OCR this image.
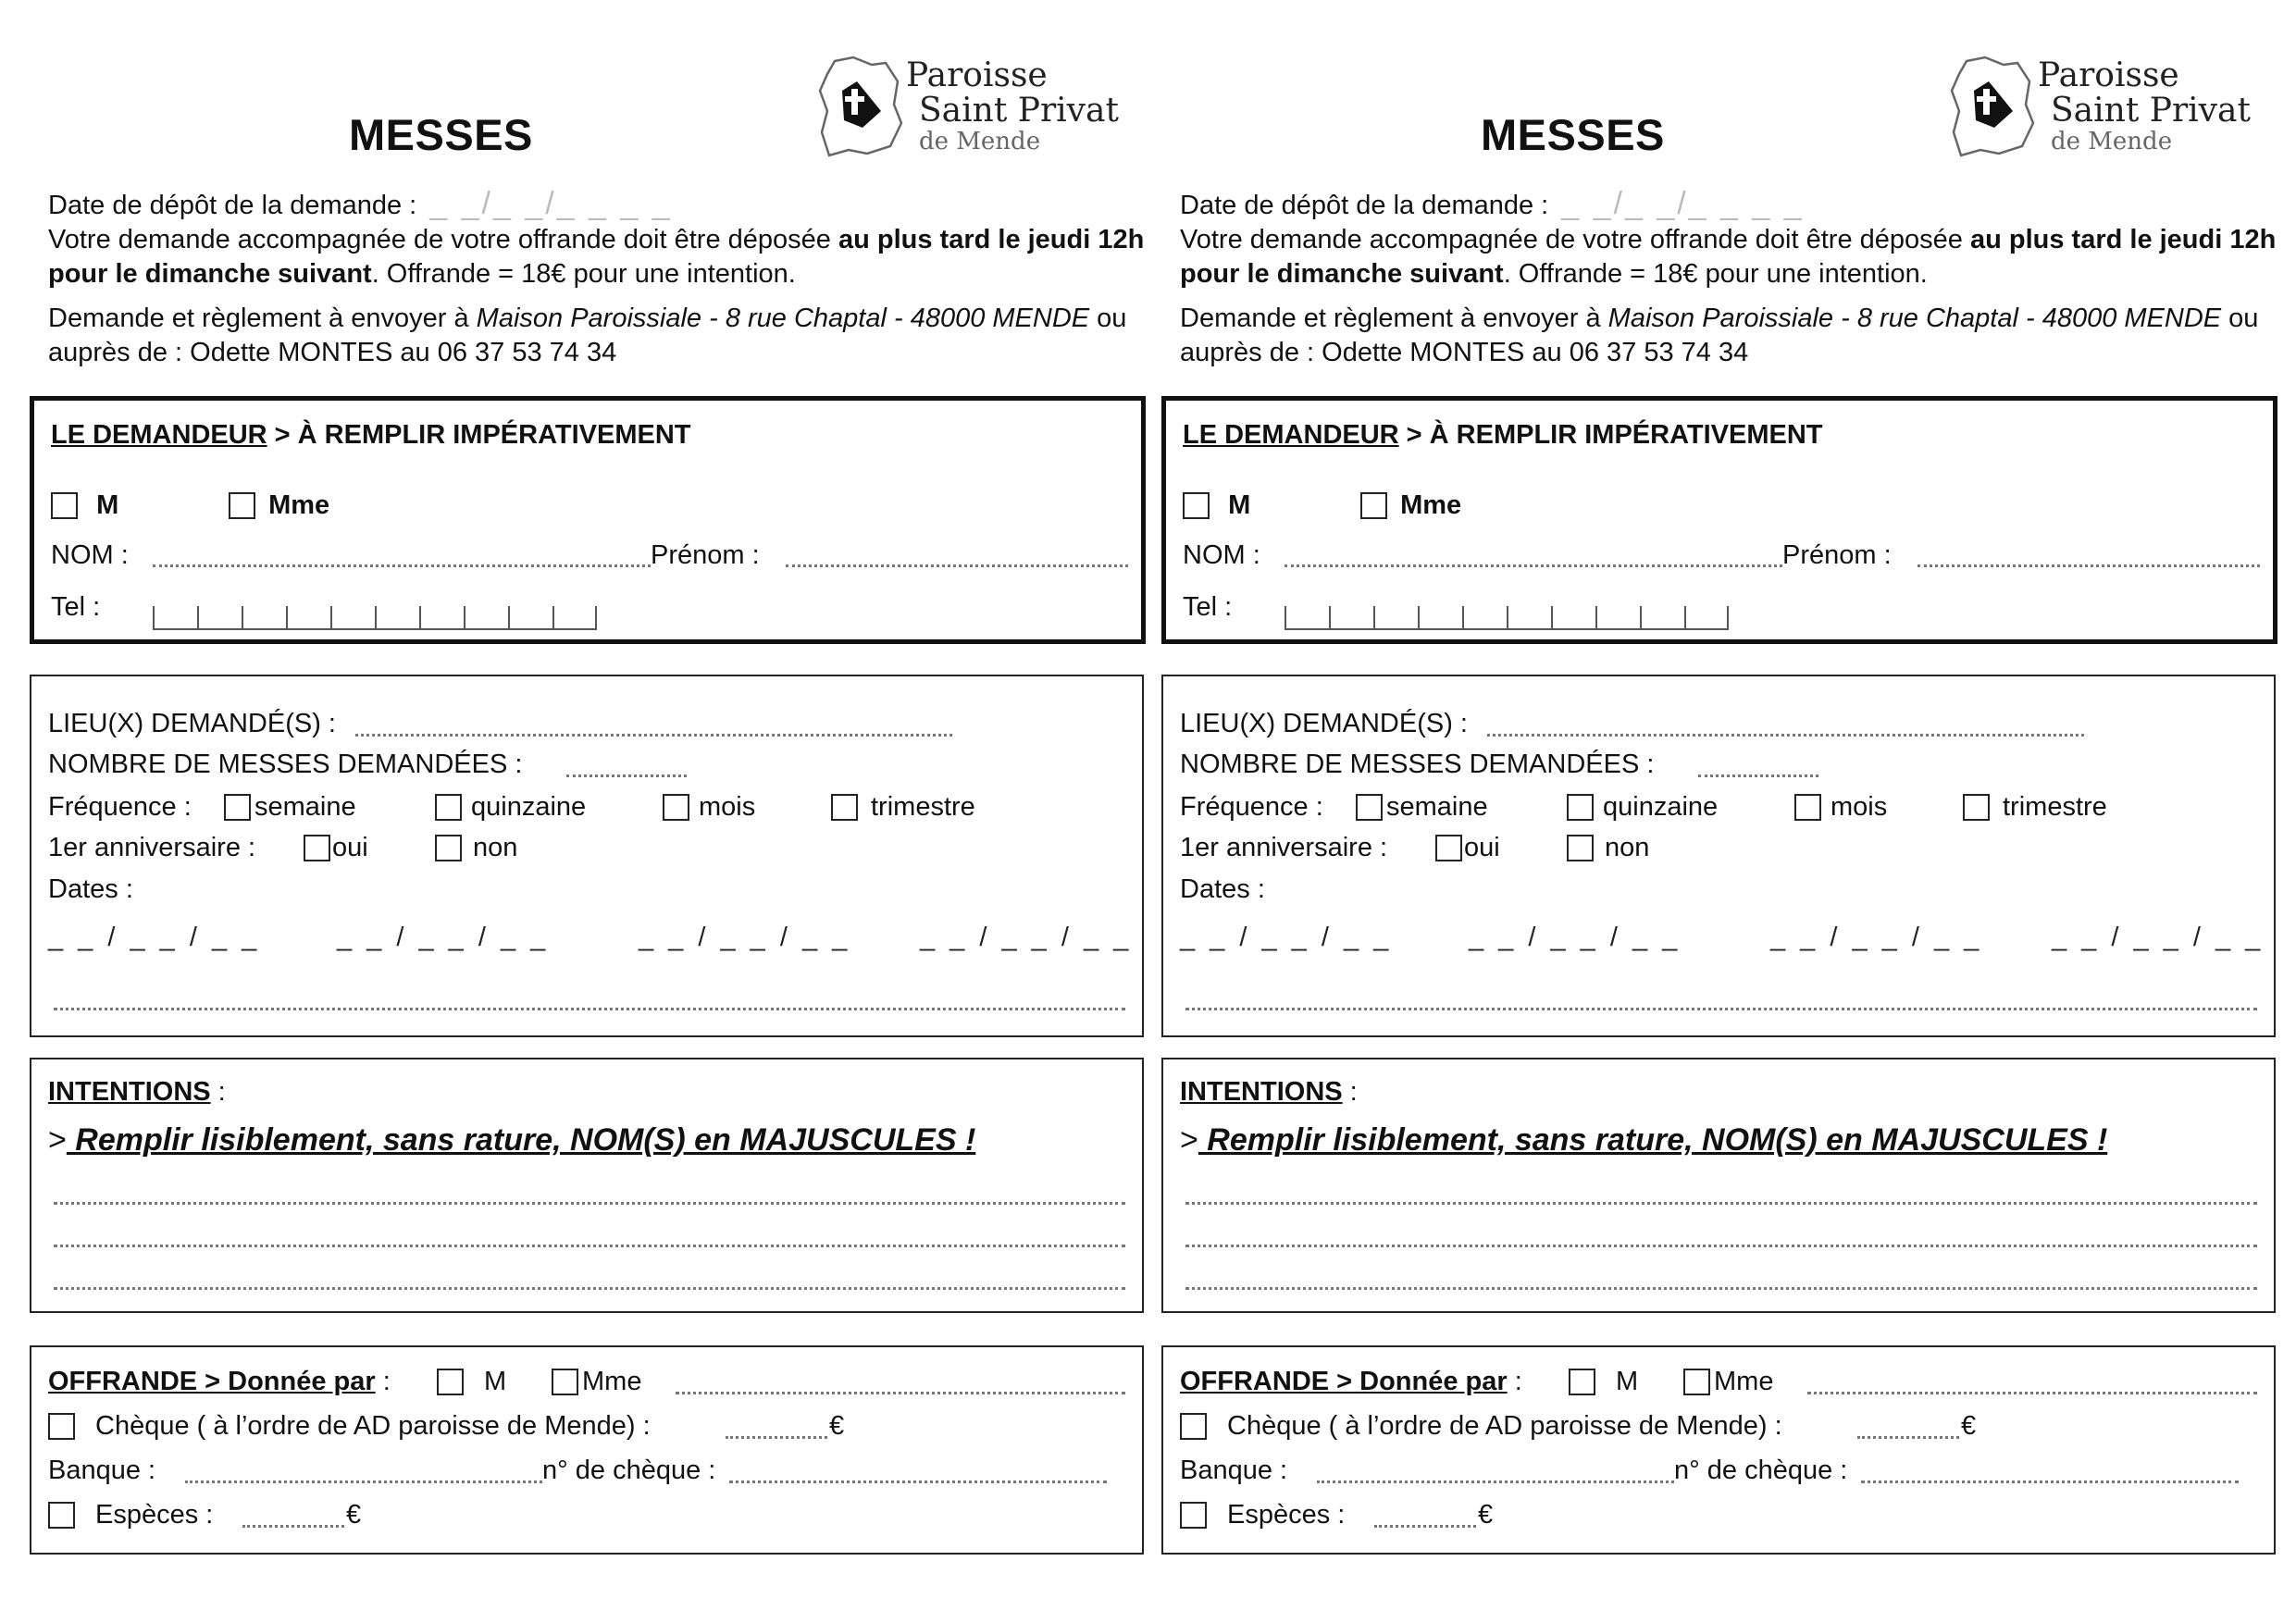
MESSES
Paroisse
Saint Privat
de Mende

Date de dépôt de la demande : _ _/_ _/_ _ _ _

Votre demande accompagnée de votre offrande doit être déposée au plus tard le jeudi 12h pour le dimanche suivant. Offrande = 18€ pour une intention.

Demande et règlement à envoyer à Maison Paroissiale - 8 rue Chaptal - 48000 MENDE ou auprès de : Odette MONTES au 06 37 53 74 34

LE DEMANDEUR > À REMPLIR IMPÉRATIVEMENT
M	Mme
NOM :	Prénom :
Tel :
LIEU(X) DEMANDÉ(S) :
NOMBRE DE MESSES DEMANDÉES :
Fréquence :	semaine	quinzaine	mois	trimestre
1er anniversaire :	oui	non
Dates :
_ _ / _ _ / _ _	_ _ / _ _ / _ _	_ _ / _ _ / _ _	_ _ / _ _ / _ _
INTENTIONS :
> Remplir lisiblement, sans rature, NOM(S) en MAJUSCULES !
OFFRANDE > Donnée par :	M	Mme
Chèque ( à l’ordre de AD paroisse de Mende) :	€
Banque :	n° de chèque :
Espèces :	€
MESSES
Paroisse
Saint Privat
de Mende

Date de dépôt de la demande : _ _/_ _/_ _ _ _

Votre demande accompagnée de votre offrande doit être déposée au plus tard le jeudi 12h pour le dimanche suivant. Offrande = 18€ pour une intention.

Demande et règlement à envoyer à Maison Paroissiale - 8 rue Chaptal - 48000 MENDE ou auprès de : Odette MONTES au 06 37 53 74 34

LE DEMANDEUR > À REMPLIR IMPÉRATIVEMENT
M	Mme
NOM :	Prénom :
Tel :
LIEU(X) DEMANDÉ(S) :
NOMBRE DE MESSES DEMANDÉES :
Fréquence :	semaine	quinzaine	mois	trimestre
1er anniversaire :	oui	non
Dates :
_ _ / _ _ / _ _	_ _ / _ _ / _ _	_ _ / _ _ / _ _	_ _ / _ _ / _ _
INTENTIONS :
> Remplir lisiblement, sans rature, NOM(S) en MAJUSCULES !
OFFRANDE > Donnée par :	M	Mme
Chèque ( à l’ordre de AD paroisse de Mende) :	€
Banque :	n° de chèque :
Espèces :	€
